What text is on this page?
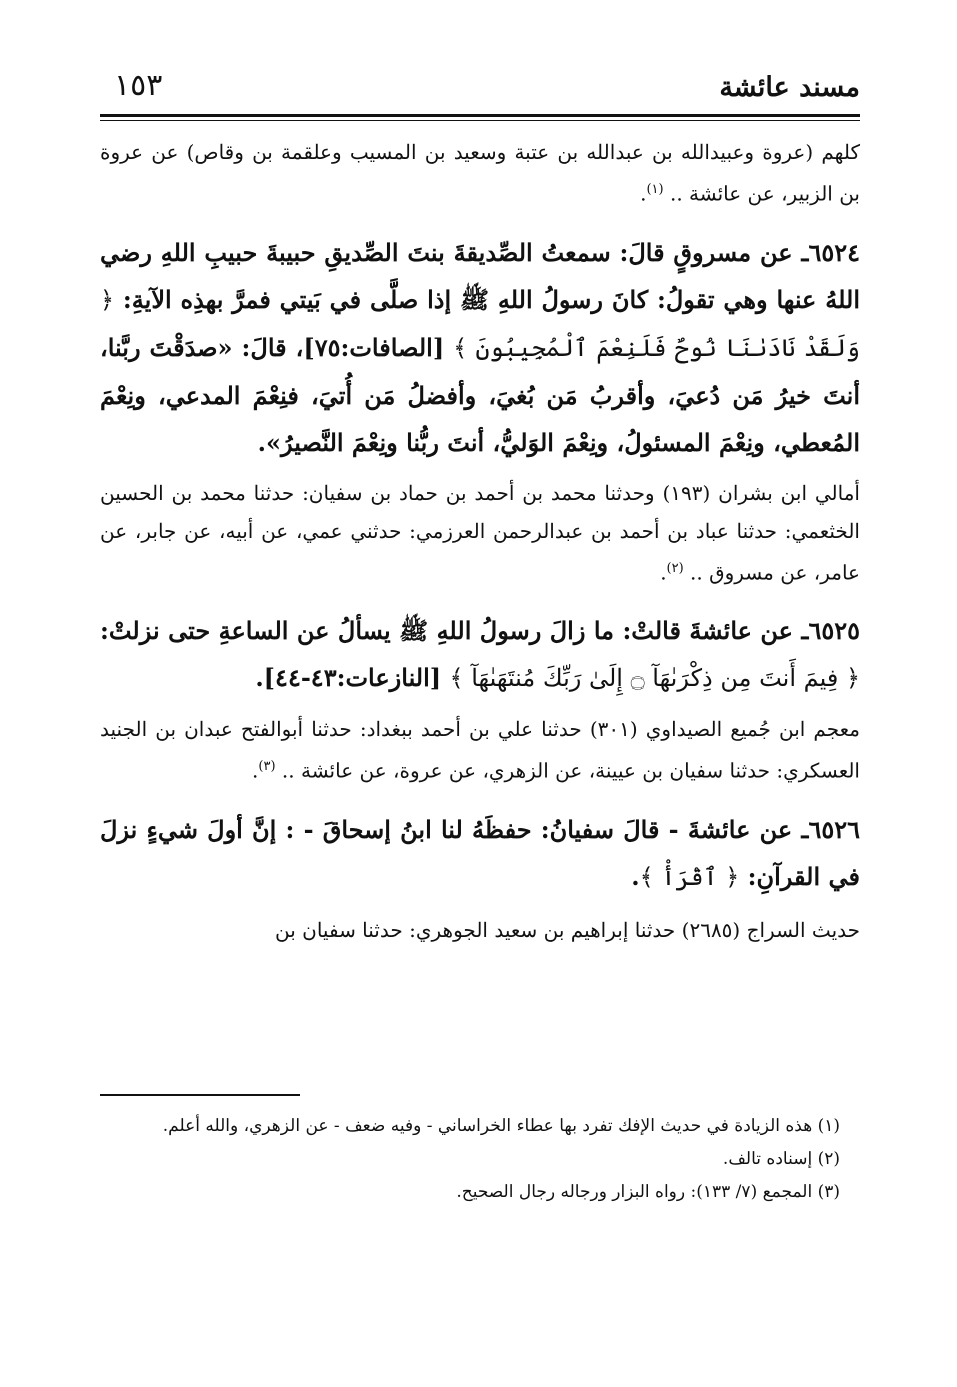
مسند عائشة
١٥٣

كلهم (عروة وعبيدالله بن عبدالله بن عتبة وسعيد بن المسيب وعلقمة بن وقاص) عن عروة بن الزبير، عن عائشة .. $^{(١)}$.

٦٥٢٤ـ عن مسروقٍ قالَ: سمعتُ الصِّديقةَ بنتَ الصِّديقِ حبيبةَ حبيبِ اللهِ رضي اللهُ عنها وهي تقولُ: كانَ رسولُ اللهِ ﷺ إذا صلَّى في بَيتي فمرَّ بهذِه الآيةِ: ﴿ وَلَقَدْ نَادَىٰنَا نُوحٌ فَلَنِعْمَ ٱلْمُجِيبُونَ ﴾ [الصافات:٧٥]، قالَ: «صدَقْتَ ربَّنا، أنتَ خيرُ مَن دُعيَ، وأقربُ مَن بُغيَ، وأفضلُ مَن أُتيَ، فنِعْمَ المدعي، ونِعْمَ المُعطي، ونِعْمَ المسئولُ، ونِعْمَ الوَليُّ، أنتَ ربُّنا ونِعْمَ النَّصيرُ».

أمالي ابن بشران (١٩٣) وحدثنا محمد بن أحمد بن حماد بن سفيان: حدثنا محمد بن الحسين الخثعمي: حدثنا عباد بن أحمد بن عبدالرحمن العرزمي: حدثني عمي، عن أبيه، عن جابر، عن عامر، عن مسروق .. $^{(٢)}$.

٦٥٢٥ـ عن عائشةَ قالتْ: ما زالَ رسولُ اللهِ ﷺ يسألُ عن الساعةِ حتى نزلتْ: ﴿ فِيمَ أَنتَ مِن ذِكْرَىٰهَآ ۝ إِلَىٰ رَبِّكَ مُنتَهَىٰهَآ ﴾ [النازعات:٤٣-٤٤].

معجم ابن جُميع الصيداوي (٣٠١) حدثنا علي بن أحمد ببغداد: حدثنا أبوالفتح عبدان بن الجنيد العسكري: حدثنا سفيان بن عيينة، عن الزهري، عن عروة، عن عائشة .. $^{(٣)}$.

٦٥٢٦ـ عن عائشةَ - قالَ سفيانُ: حفظَهُ لنا ابنُ إسحاقَ - : إنَّ أولَ شيءٍ نزلَ في القرآنِ: ﴿ ٱقْرَأْ ﴾.

حديث السراج (٢٦٨٥) حدثنا إبراهيم بن سعيد الجوهري: حدثنا سفيان بن

(١) هذه الزيادة في حديث الإفك تفرد بها عطاء الخراساني - وفيه ضعف - عن الزهري، والله أعلم.
(٢) إسناده تالف.
(٣) المجمع (٧/ ١٣٣): رواه البزار ورجاله رجال الصحيح.
